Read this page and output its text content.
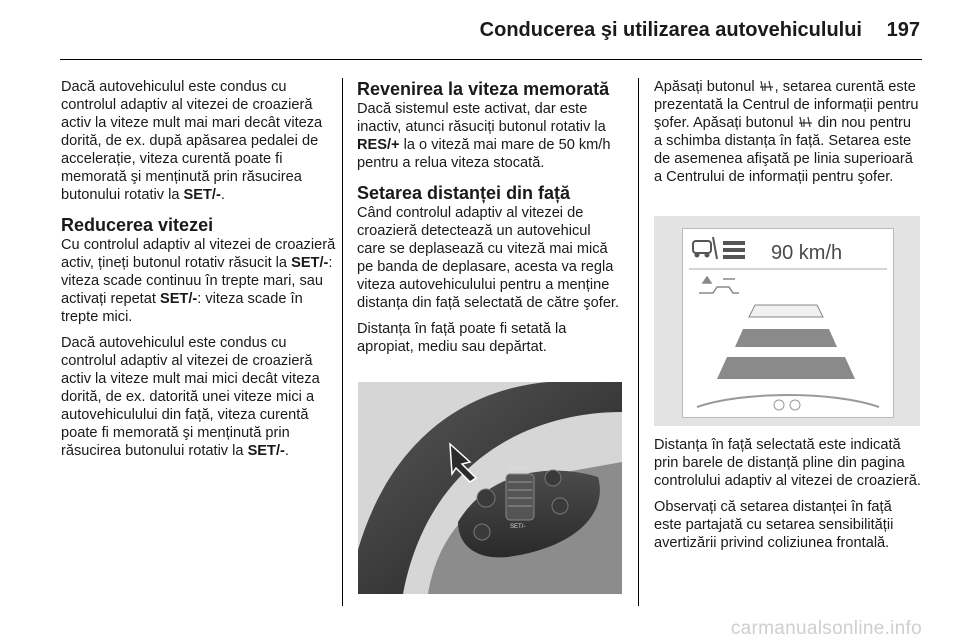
Conducerea şi utilizarea autovehiculului 197

Dacă autovehiculul este condus cu controlul adaptiv al vitezei de croazieră activ la viteze mult mai mari decât viteza dorită, de ex. după apăsarea pedalei de accelerație, viteza curentă poate fi memorată şi menținută prin răsucirea butonului rotativ la SET/-.

Reducerea vitezei

Cu controlul adaptiv al vitezei de croazieră activ, țineți butonul rotativ răsucit la SET/-: viteza scade continuu în trepte mari, sau activați repetat SET/-: viteza scade în trepte mici.

Dacă autovehiculul este condus cu controlul adaptiv al vitezei de croazieră activ la viteze mult mai mici decât viteza dorită, de ex. datorită unei viteze mici a autovehiculului din față, viteza curentă poate fi memorată şi menținută prin răsucirea butonului rotativ la SET/-.

Revenirea la viteza memorată

Dacă sistemul este activat, dar este inactiv, atunci răsuciți butonul rotativ la RES/+ la o viteză mai mare de 50 km/h pentru a relua viteza stocată.

Setarea distanței din față

Când controlul adaptiv al vitezei de croazieră detectează un autovehicul care se deplasează cu viteză mai mică pe banda de deplasare, acesta va regla viteza autovehiculului pentru a menține distanța din față selectată de către şofer.

Distanța în față poate fi setată la apropiat, mediu sau depărtat.

RES/+
SET/-

Apăsați butonul , setarea curentă este prezentată la Centrul de informații pentru şofer. Apăsați butonul  din nou pentru a schimba distanța în față. Setarea este de asemenea afişată pe linia superioară a Centrului de informații pentru şofer.

90 km/h

Distanța în față selectată este indicată prin barele de distanță pline din pagina controlului adaptiv al vitezei de croazieră.

Observați că setarea distanței în față este partajată cu setarea sensibilității avertizării privind coliziunea frontală.

carmanualsonline.info
